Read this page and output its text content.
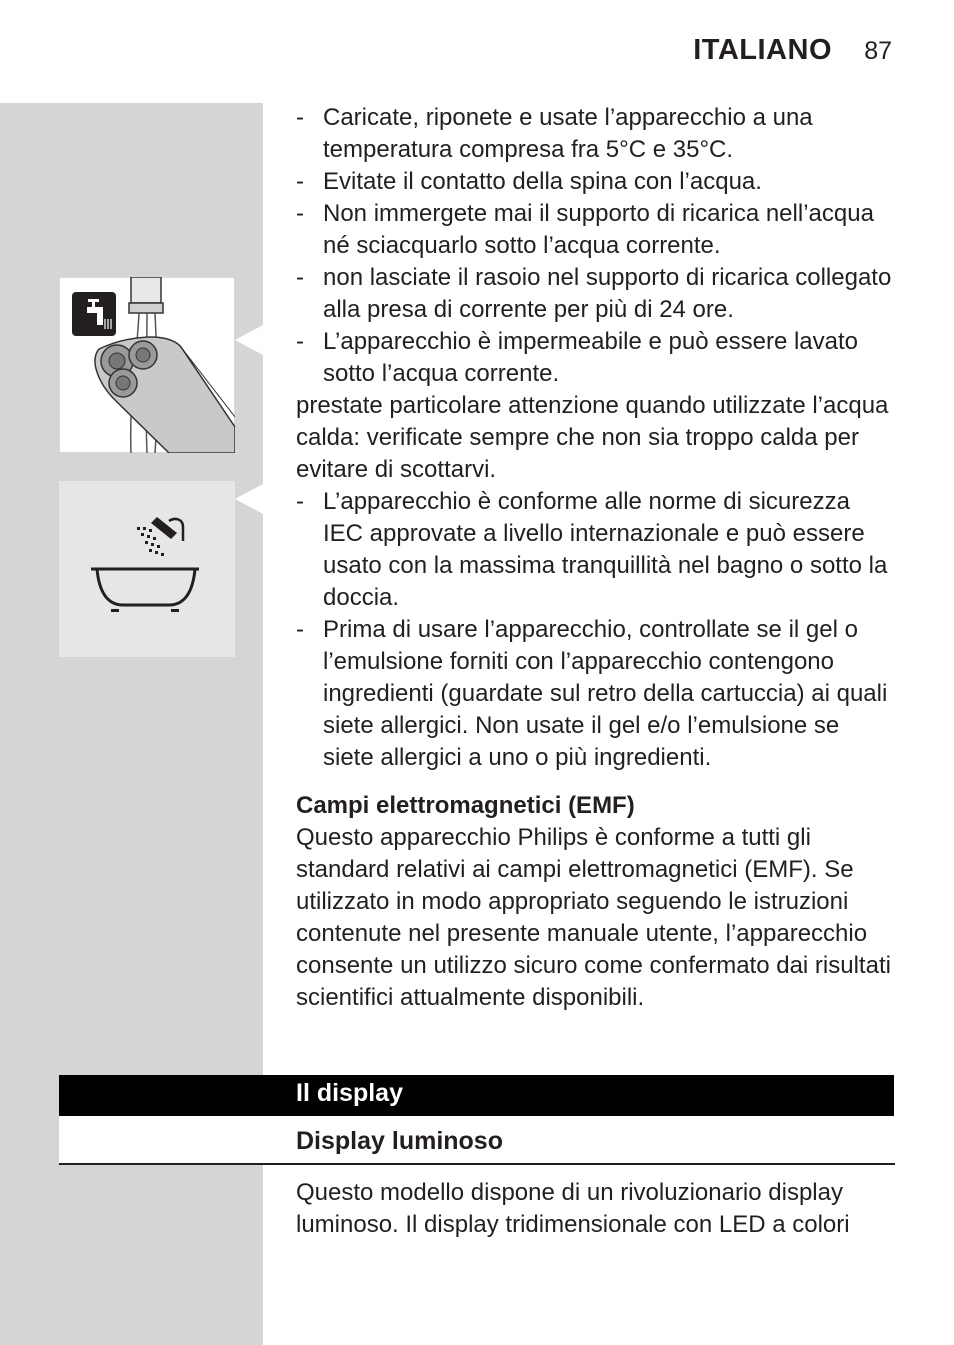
ITALIANO 87

- Caricate, riponete e usate l’apparecchio a una temperatura compresa fra 5°C e 35°C.

- Evitate il contatto della spina con l’acqua.

- Non immergete mai il supporto di ricarica nell’acqua né sciacquarlo sotto l’acqua corrente.

- non lasciate il rasoio nel supporto di ricarica collegato alla presa di corrente per più di 24 ore.

- L’apparecchio è impermeabile e può essere lavato sotto l’acqua corrente.

prestate particolare attenzione quando utilizzate l’acqua calda: verificate sempre che non sia troppo calda per evitare di scottarvi.

- L’apparecchio è conforme alle norme di sicurezza IEC approvate a livello internazionale e può essere usato con la massima tranquillità nel bagno o sotto la doccia.

- Prima di usare l’apparecchio, controllate se il gel o l’emulsione forniti con l’apparecchio contengono ingredienti (guardate sul retro della cartuccia) ai quali siete allergici. Non usate il gel e/o l’emulsione se siete allergici a uno o più ingredienti.

Campi elettromagnetici (EMF)

Questo apparecchio Philips è conforme a tutti gli standard relativi ai campi elettromagnetici (EMF). Se utilizzato in modo appropriato seguendo le istruzioni contenute nel presente manuale utente, l’apparecchio consente un utilizzo sicuro come confermato dai risultati scientifici attualmente disponibili.

Il display
Display luminoso

Questo modello dispone di un rivoluzionario display luminoso. Il display tridimensionale con LED a colori
